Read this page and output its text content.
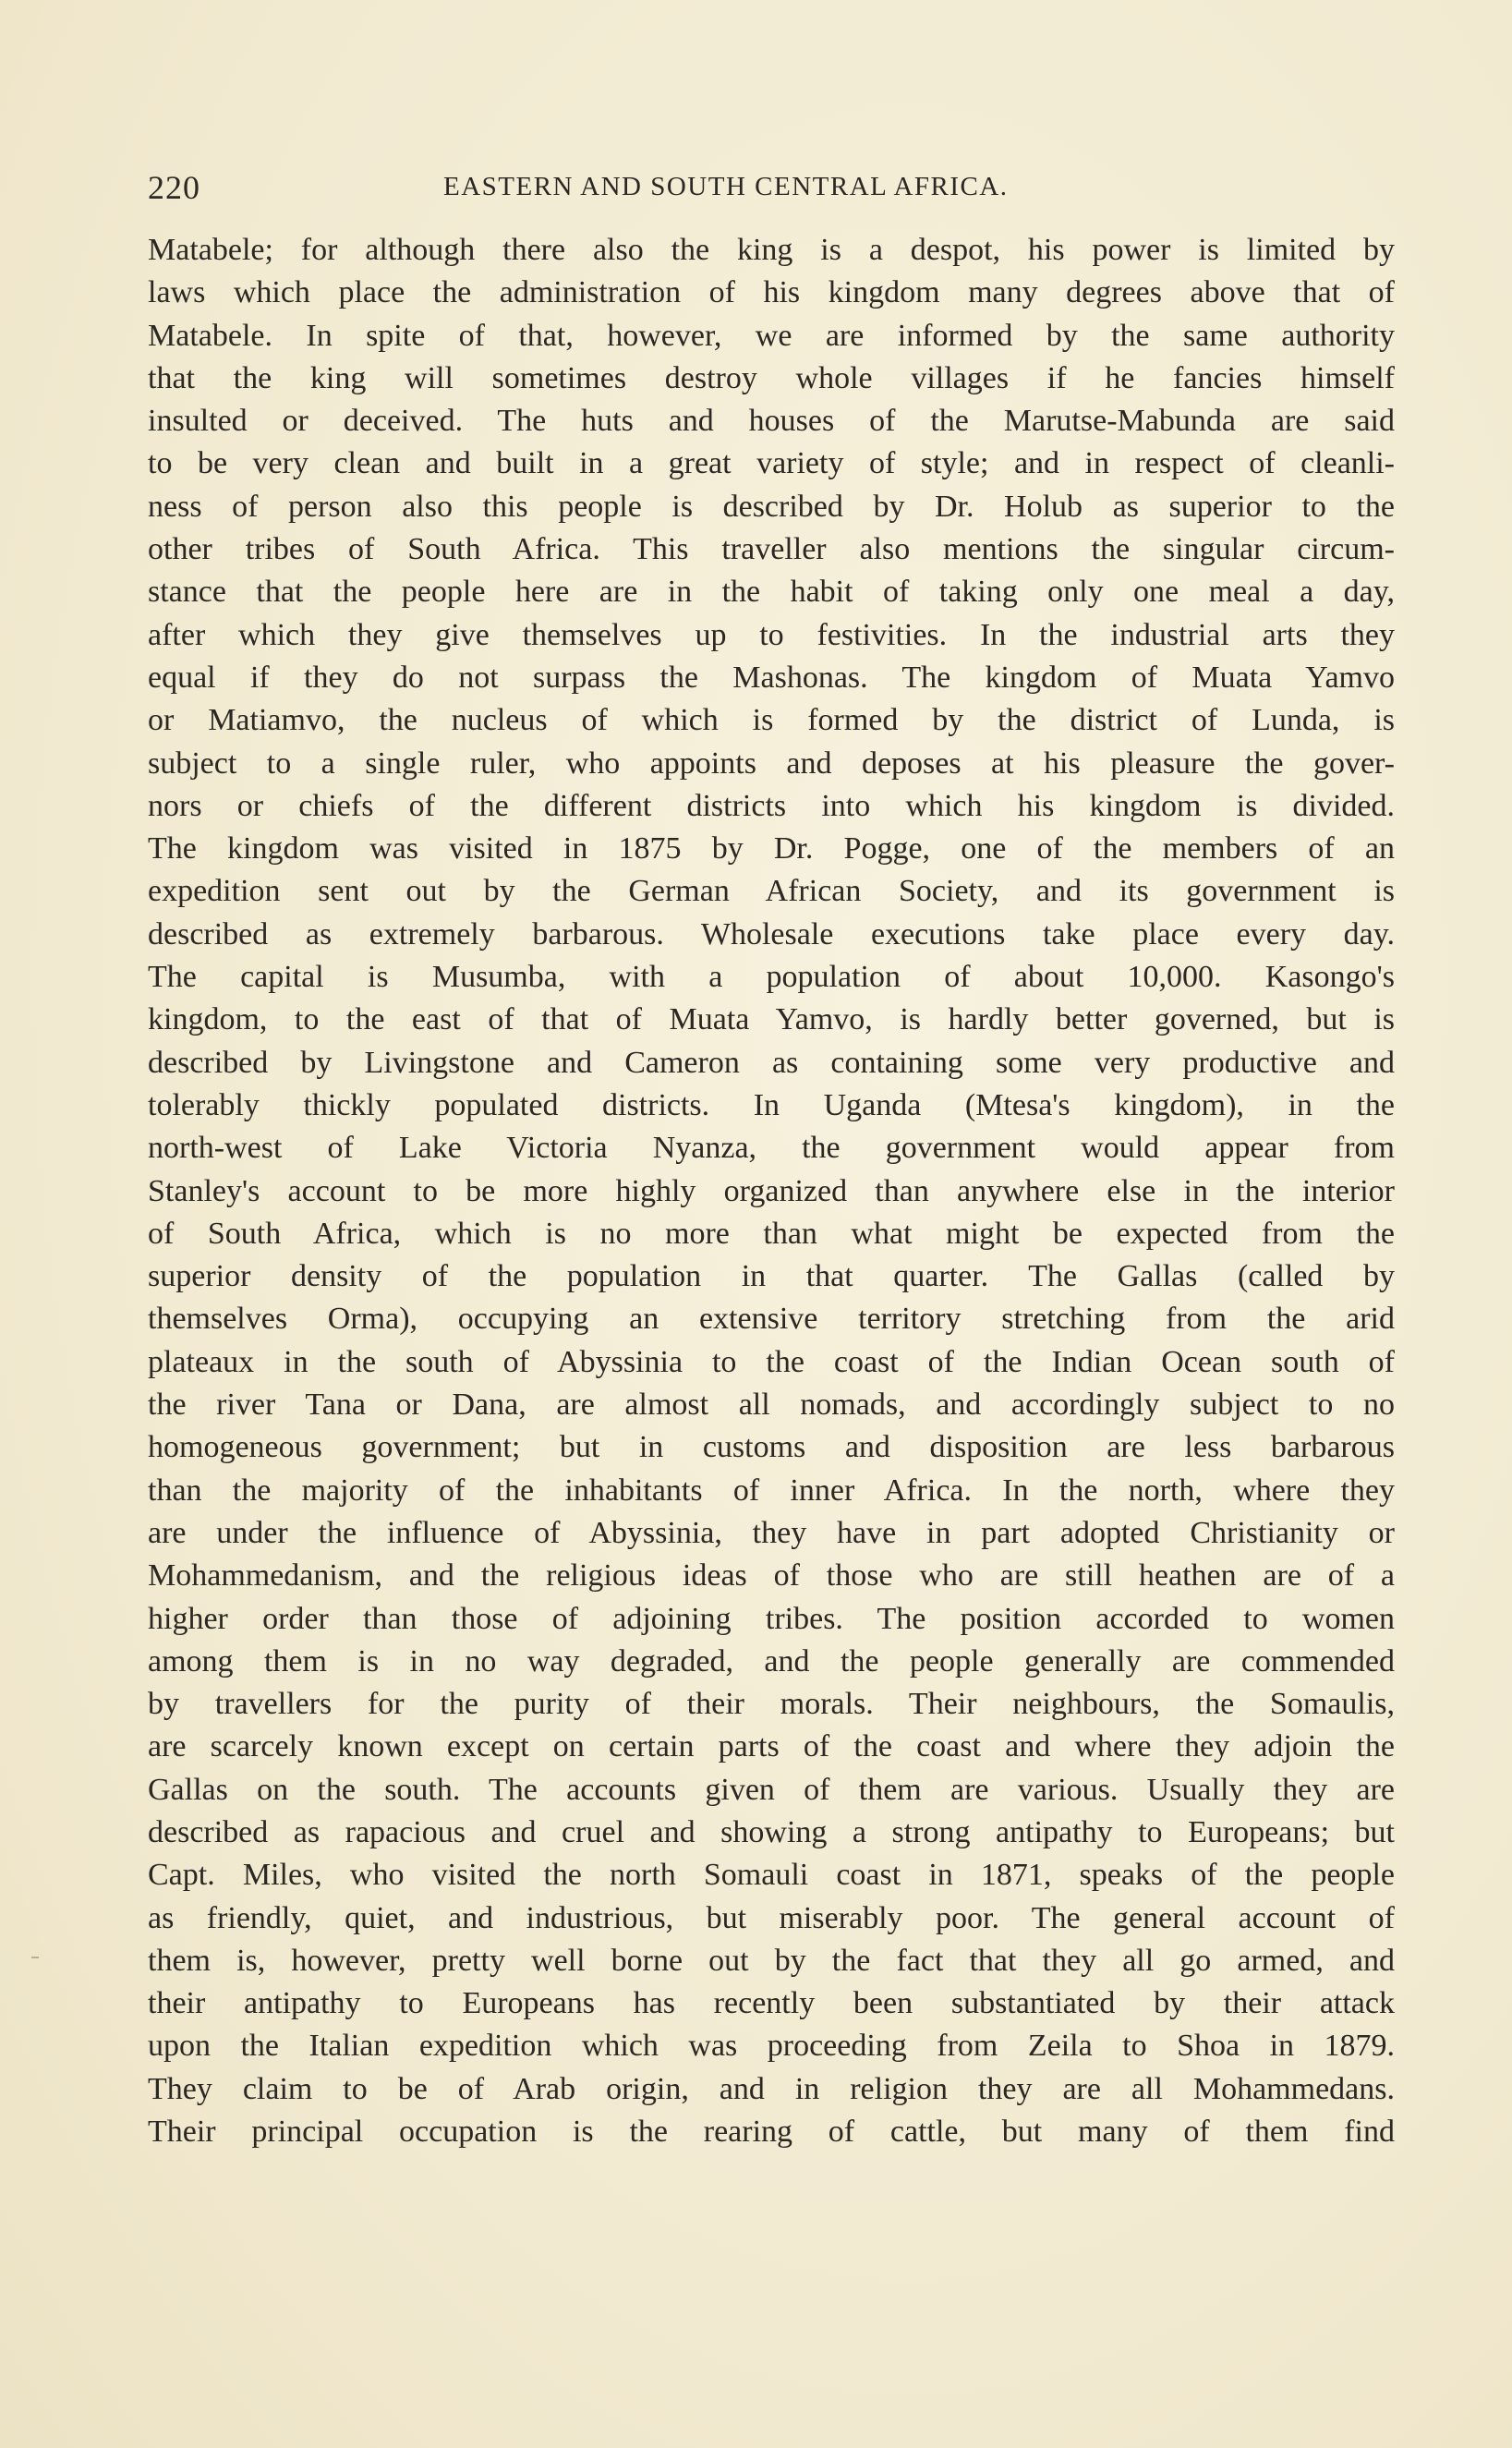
220	EASTERN AND SOUTH CENTRAL AFRICA.
Matabele; for although there also the king is a despot, his power is limited by
laws which place the administration of his kingdom many degrees above that of
Matabele. In spite of that, however, we are informed by the same authority
that the king will sometimes destroy whole villages if he fancies himself
insulted or deceived. The huts and houses of the Marutse-Mabunda are said
to be very clean and built in a great variety of style; and in respect of cleanli-
ness of person also this people is described by Dr. Holub as superior to the
other tribes of South Africa. This traveller also mentions the singular circum-
stance that the people here are in the habit of taking only one meal a day,
after which they give themselves up to festivities. In the industrial arts they
equal if they do not surpass the Mashonas. The kingdom of Muata Yamvo
or Matiamvo, the nucleus of which is formed by the district of Lunda, is
subject to a single ruler, who appoints and deposes at his pleasure the gover-
nors or chiefs of the different districts into which his kingdom is divided.
The kingdom was visited in 1875 by Dr. Pogge, one of the members of an
expedition sent out by the German African Society, and its government is
described as extremely barbarous. Wholesale executions take place every day.
The capital is Musumba, with a population of about 10,000. Kasongo's
kingdom, to the east of that of Muata Yamvo, is hardly better governed, but is
described by Livingstone and Cameron as containing some very productive and
tolerably thickly populated districts. In Uganda (Mtesa's kingdom), in the
north-west of Lake Victoria Nyanza, the government would appear from
Stanley's account to be more highly organized than anywhere else in the interior
of South Africa, which is no more than what might be expected from the
superior density of the population in that quarter. The Gallas (called by
themselves Orma), occupying an extensive territory stretching from the arid
plateaux in the south of Abyssinia to the coast of the Indian Ocean south of
the river Tana or Dana, are almost all nomads, and accordingly subject to no
homogeneous government; but in customs and disposition are less barbarous
than the majority of the inhabitants of inner Africa. In the north, where they
are under the influence of Abyssinia, they have in part adopted Christianity or
Mohammedanism, and the religious ideas of those who are still heathen are of a
higher order than those of adjoining tribes. The position accorded to women
among them is in no way degraded, and the people generally are commended
by travellers for the purity of their morals. Their neighbours, the Somaulis,
are scarcely known except on certain parts of the coast and where they adjoin the
Gallas on the south. The accounts given of them are various. Usually they are
described as rapacious and cruel and showing a strong antipathy to Europeans; but
Capt. Miles, who visited the north Somauli coast in 1871, speaks of the people
as friendly, quiet, and industrious, but miserably poor. The general account of
them is, however, pretty well borne out by the fact that they all go armed, and
their antipathy to Europeans has recently been substantiated by their attack
upon the Italian expedition which was proceeding from Zeila to Shoa in 1879.
They claim to be of Arab origin, and in religion they are all Mohammedans.
Their principal occupation is the rearing of cattle, but many of them find
